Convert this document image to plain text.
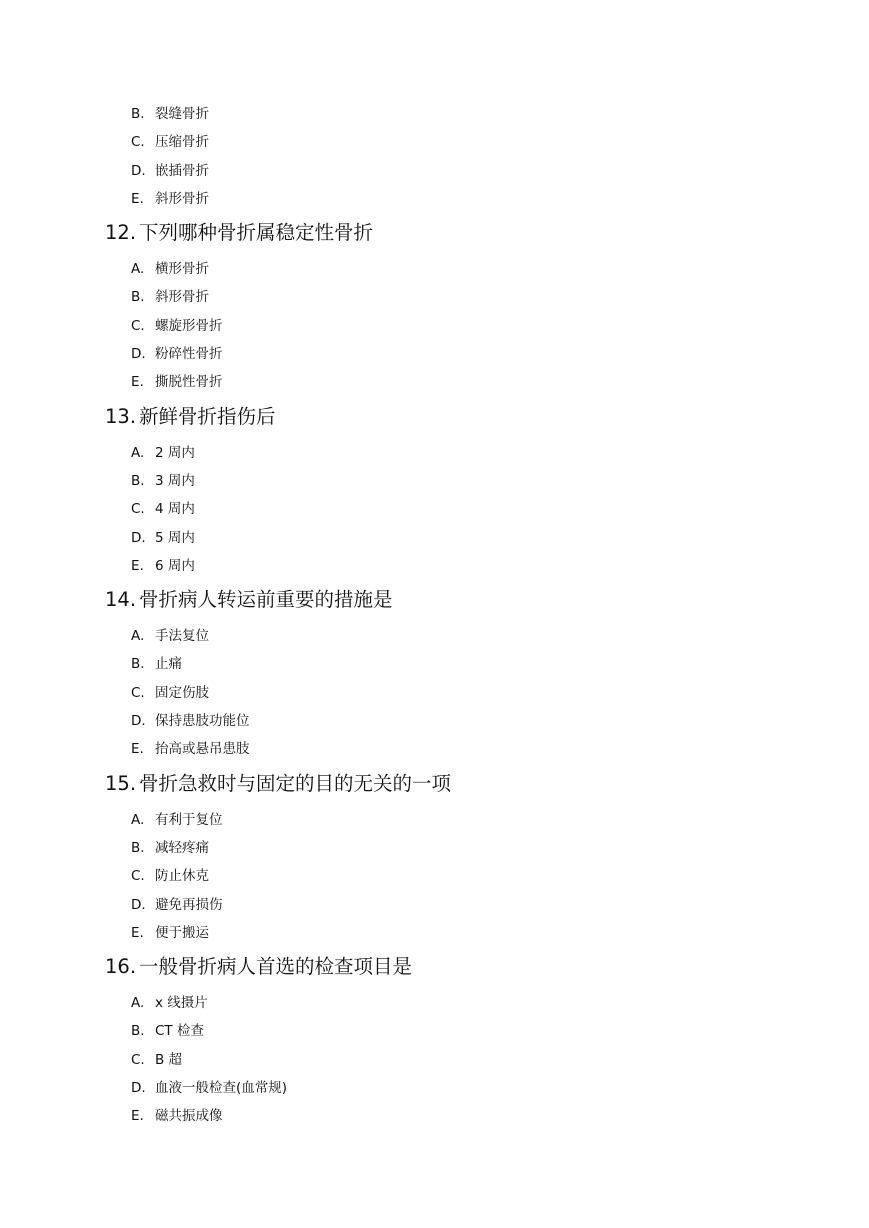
B. 裂缝骨折
C. 压缩骨折
D. 嵌插骨折
E. 斜形骨折
12. 下列哪种骨折属稳定性骨折
A. 横形骨折
B. 斜形骨折
C. 螺旋形骨折
D. 粉碎性骨折
E. 撕脱性骨折
13. 新鲜骨折指伤后
A. 2 周内
B. 3 周内
C. 4 周内
D. 5 周内
E. 6 周内
14. 骨折病人转运前重要的措施是
A. 手法复位
B. 止痛
C. 固定伤肢
D. 保持患肢功能位
E. 抬高或悬吊患肢
15. 骨折急救时与固定的目的无关的一项
A. 有利于复位
B. 减轻疼痛
C. 防止休克
D. 避免再损伤
E. 便于搬运
16. 一般骨折病人首选的检查项目是
A. x 线摄片
B. CT 检查
C. B 超
D. 血液一般检查(血常规)
E. 磁共振成像
